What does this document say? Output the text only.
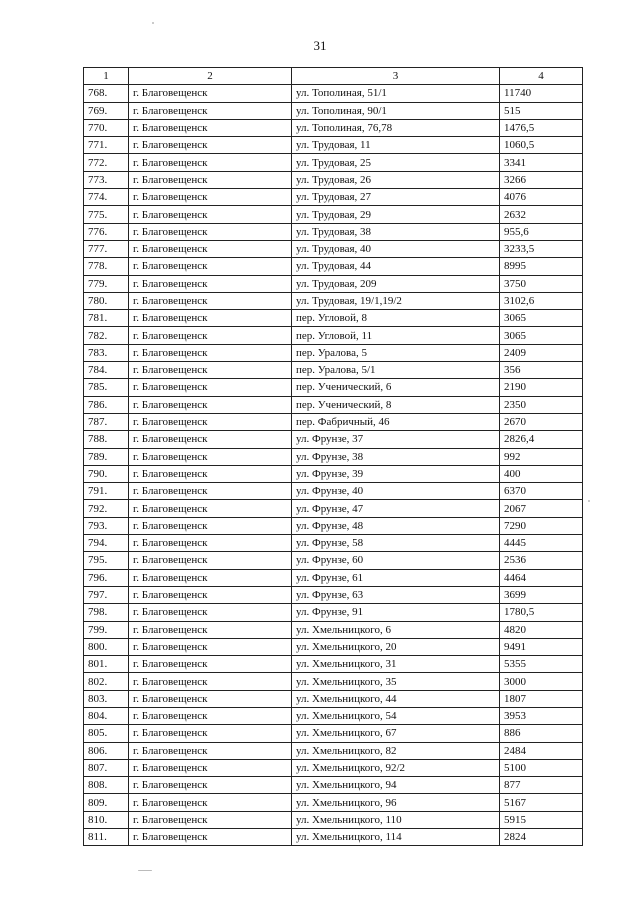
31
1	2	3	4
768.	г. Благовещенск	ул. Тополиная, 51/1	11740
769.	г. Благовещенск	ул. Тополиная, 90/1	515
770.	г. Благовещенск	ул. Тополиная, 76,78	1476,5
771.	г. Благовещенск	ул. Трудовая, 11	1060,5
772.	г. Благовещенск	ул. Трудовая, 25	3341
773.	г. Благовещенск	ул. Трудовая, 26	3266
774.	г. Благовещенск	ул. Трудовая, 27	4076
775.	г. Благовещенск	ул. Трудовая, 29	2632
776.	г. Благовещенск	ул. Трудовая, 38	955,6
777.	г. Благовещенск	ул. Трудовая, 40	3233,5
778.	г. Благовещенск	ул. Трудовая, 44	8995
779.	г. Благовещенск	ул. Трудовая, 209	3750
780.	г. Благовещенск	ул. Трудовая, 19/1,19/2	3102,6
781.	г. Благовещенск	пер. Угловой, 8	3065
782.	г. Благовещенск	пер. Угловой, 11	3065
783.	г. Благовещенск	пер. Уралова, 5	2409
784.	г. Благовещенск	пер. Уралова, 5/1	356
785.	г. Благовещенск	пер. Ученический, 6	2190
786.	г. Благовещенск	пер. Ученический, 8	2350
787.	г. Благовещенск	пер. Фабричный, 46	2670
788.	г. Благовещенск	ул. Фрунзе, 37	2826,4
789.	г. Благовещенск	ул. Фрунзе, 38	992
790.	г. Благовещенск	ул. Фрунзе, 39	400
791.	г. Благовещенск	ул. Фрунзе, 40	6370
792.	г. Благовещенск	ул. Фрунзе, 47	2067
793.	г. Благовещенск	ул. Фрунзе, 48	7290
794.	г. Благовещенск	ул. Фрунзе, 58	4445
795.	г. Благовещенск	ул. Фрунзе, 60	2536
796.	г. Благовещенск	ул. Фрунзе, 61	4464
797.	г. Благовещенск	ул. Фрунзе, 63	3699
798.	г. Благовещенск	ул. Фрунзе, 91	1780,5
799.	г. Благовещенск	ул. Хмельницкого, 6	4820
800.	г. Благовещенск	ул. Хмельницкого, 20	9491
801.	г. Благовещенск	ул. Хмельницкого, 31	5355
802.	г. Благовещенск	ул. Хмельницкого, 35	3000
803.	г. Благовещенск	ул. Хмельницкого, 44	1807
804.	г. Благовещенск	ул. Хмельницкого, 54	3953
805.	г. Благовещенск	ул. Хмельницкого, 67	886
806.	г. Благовещенск	ул. Хмельницкого, 82	2484
807.	г. Благовещенск	ул. Хмельницкого, 92/2	5100
808.	г. Благовещенск	ул. Хмельницкого, 94	877
809.	г. Благовещенск	ул. Хмельницкого, 96	5167
810.	г. Благовещенск	ул. Хмельницкого, 110	5915
811.	г. Благовещенск	ул. Хмельницкого, 114	2824
